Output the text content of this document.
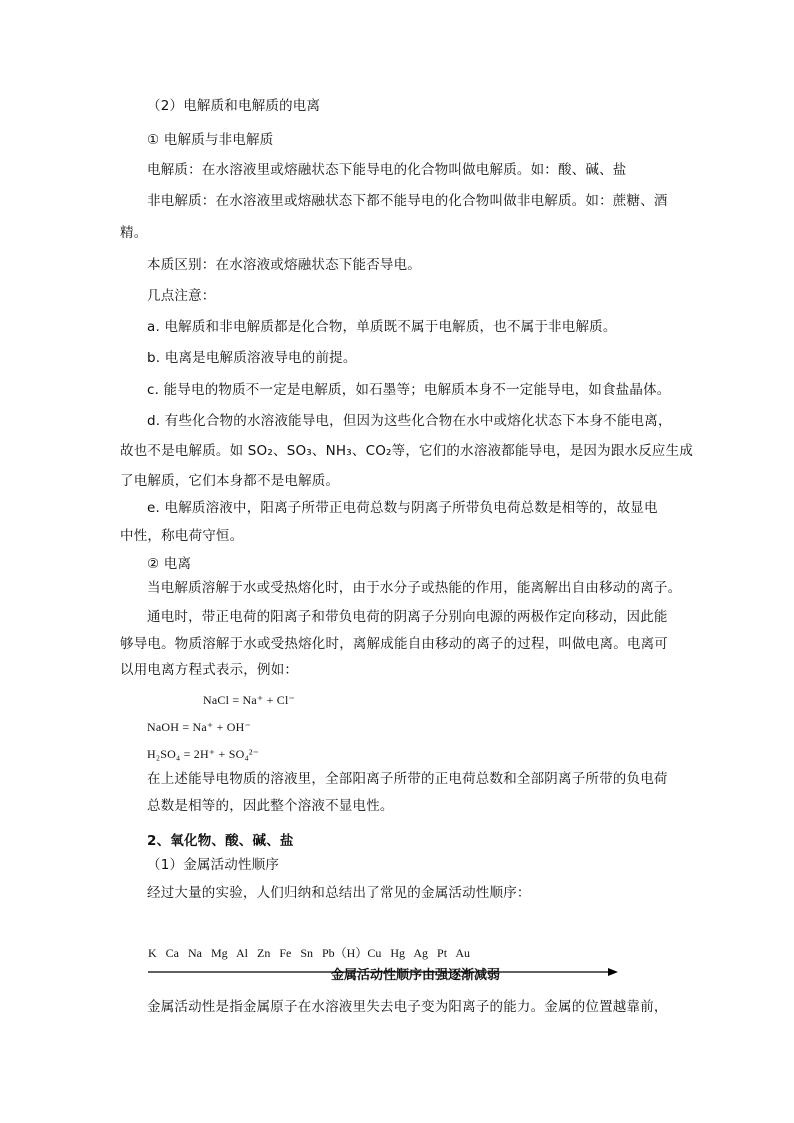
（2）电解质和电解质的电离
① 电解质与非电解质
电解质：在水溶液里或熔融状态下能导电的化合物叫做电解质。如：酸、碱、盐
非电解质：在水溶液里或熔融状态下都不能导电的化合物叫做非电解质。如：蔗糖、酒
精。
本质区别：在水溶液或熔融状态下能否导电。
几点注意：
a. 电解质和非电解质都是化合物，单质既不属于电解质，也不属于非电解质。
b. 电离是电解质溶液导电的前提。
c. 能导电的物质不一定是电解质，如石墨等；电解质本身不一定能导电，如食盐晶体。
d. 有些化合物的水溶液能导电，但因为这些化合物在水中或熔化状态下本身不能电离，
故也不是电解质。如 SO₂、SO₃、NH₃、CO₂等，它们的水溶液都能导电，是因为跟水反应生成
了电解质，它们本身都不是电解质。
e. 电解质溶液中，阳离子所带正电荷总数与阴离子所带负电荷总数是相等的，故显电
中性，称电荷守恒。
② 电离
当电解质溶解于水或受热熔化时，由于水分子或热能的作用，能离解出自由移动的离子。
通电时，带正电荷的阳离子和带负电荷的阴离子分别向电源的两极作定向移动，因此能
够导电。物质溶解于水或受热熔化时，离解成能自由移动的离子的过程，叫做电离。电离可
以用电离方程式表示，例如：
NaCl = Na⁺ + Cl⁻
NaOH = Na⁺ + OH⁻
H₂SO₄ = 2H⁺ + SO₄²⁻
在上述能导电物质的溶液里，全部阳离子所带的正电荷总数和全部阴离子所带的负电荷
总数是相等的，因此整个溶液不显电性。
2、氧化物、酸、碱、盐
（1）金属活动性顺序
经过大量的实验，人们归纳和总结出了常见的金属活动性顺序：
K   Ca   Na   Mg   Al   Zn   Fe   Sn   Pb（H）Cu   Hg   Ag   Pt   Au
金属活动性顺序由强逐渐减弱
金属活动性是指金属原子在水溶液里失去电子变为阳离子的能力。金属的位置越靠前，
